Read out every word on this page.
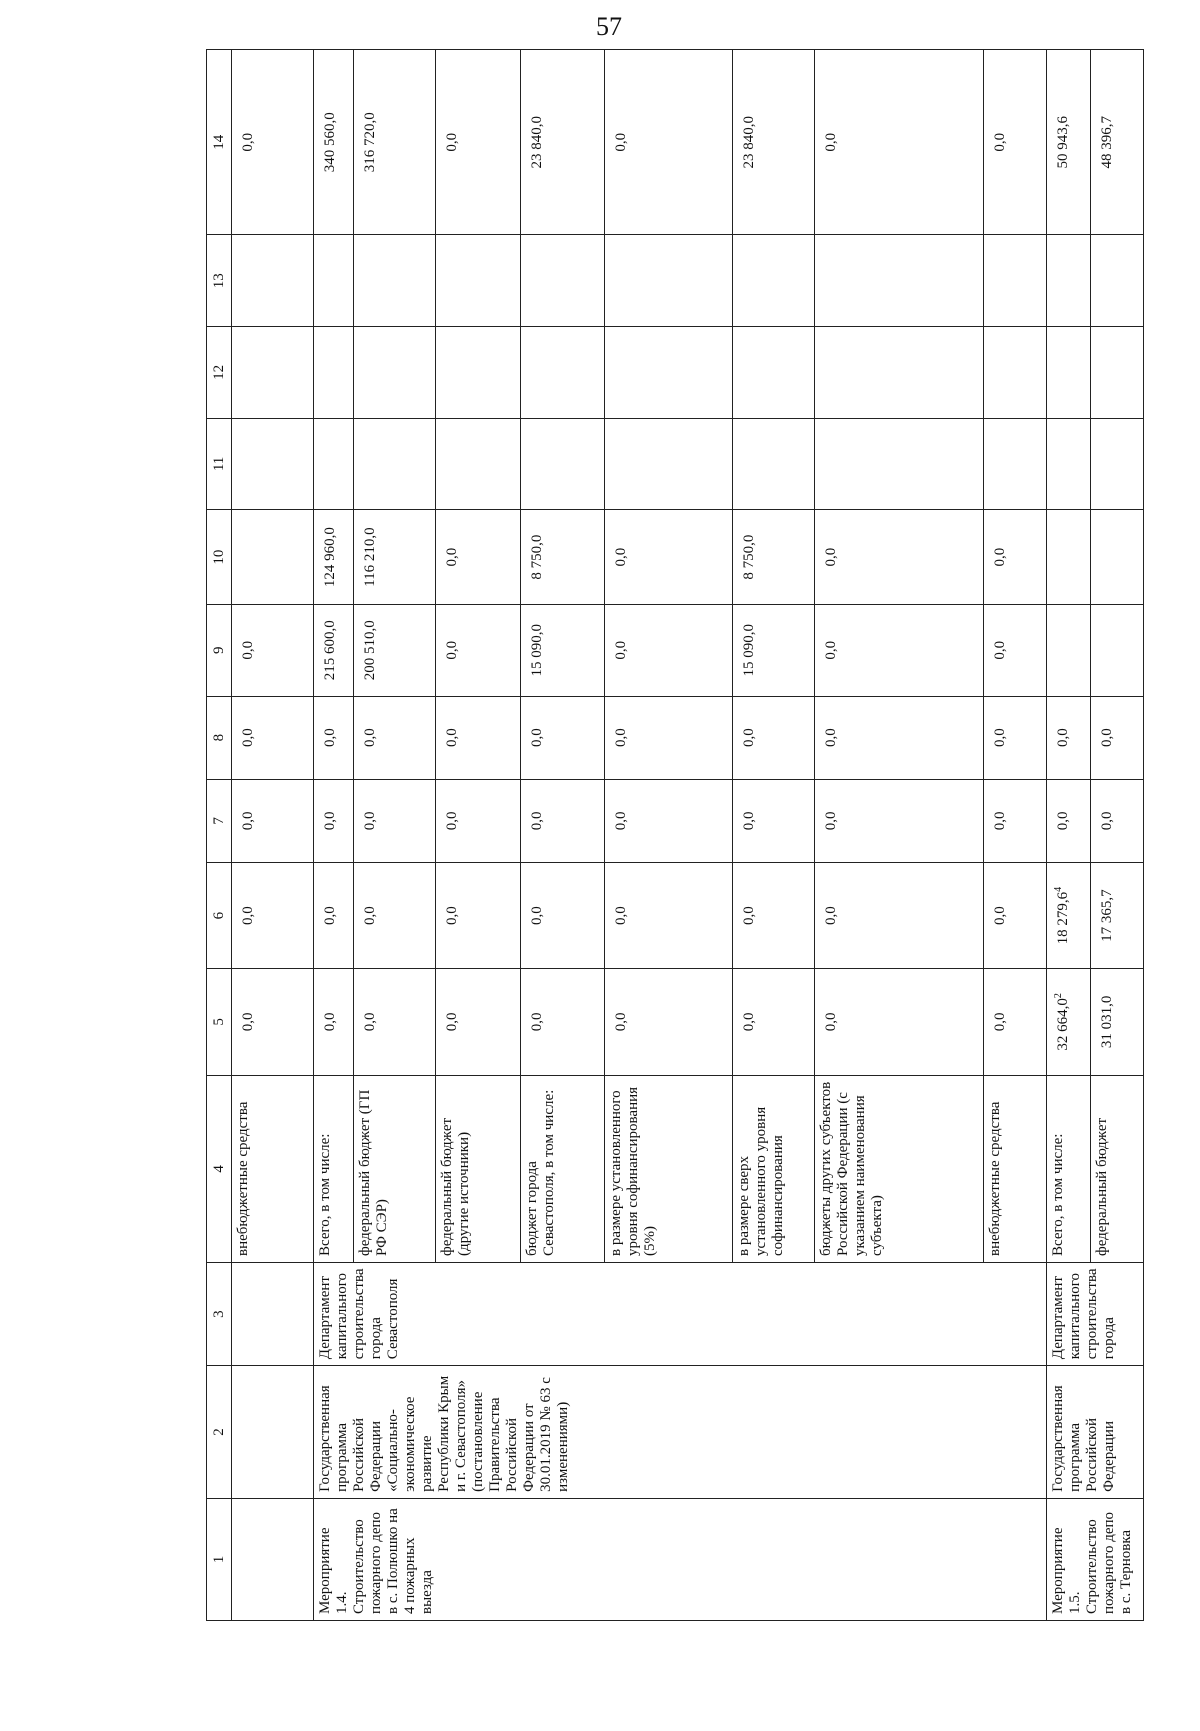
57
1	2	3	4	5	6	7	8	9	10	11	12	13	14
			внебюджетные средства	0,0	0,0	0,0	0,0	0,0					0,0
Мероприятие 1.4. Строительство пожарного депо в с. Полюшко на 4 пожарных выезда	Государственная программа Российской Федерации «Социально-экономическое развитие Республики Крым и г. Севастополя» (постановление Правительства Российской Федерации от 30.01.2019 № 63 с изменениями)	Департамент капитального строительства города Севастополя	Всего, в том числе:	0,0	0,0	0,0	0,0	215 600,0	124 960,0				340 560,0
			федеральный бюджет (ГП РФ СЭР)	0,0	0,0	0,0	0,0	200 510,0	116 210,0				316 720,0
			федеральный бюджет (другие источники)	0,0	0,0	0,0	0,0	0,0	0,0				0,0
			бюджет города Севастополя, в том числе:	0,0	0,0	0,0	0,0	15 090,0	8 750,0				23 840,0
			в размере установленного уровня софинансирования (5%)	0,0	0,0	0,0	0,0	0,0	0,0				0,0
			в размере сверх установленного уровня софинансирования	0,0	0,0	0,0	0,0	15 090,0	8 750,0				23 840,0
			бюджеты других субъектов Российской Федерации (с указанием наименования субъекта)	0,0	0,0	0,0	0,0	0,0	0,0				0,0
			внебюджетные средства	0,0	0,0	0,0	0,0	0,0	0,0				0,0
Мероприятие 1.5. Строительство пожарного депо в с. Терновка	Государственная программа Российской Федерации	Департамент капитального строительства города	Всего, в том числе:	32 664,0$^2$	18 279,6$^4$	0,0	0,0						50 943,6
			федеральный бюджет	31 031,0	17 365,7	0,0	0,0						48 396,7
